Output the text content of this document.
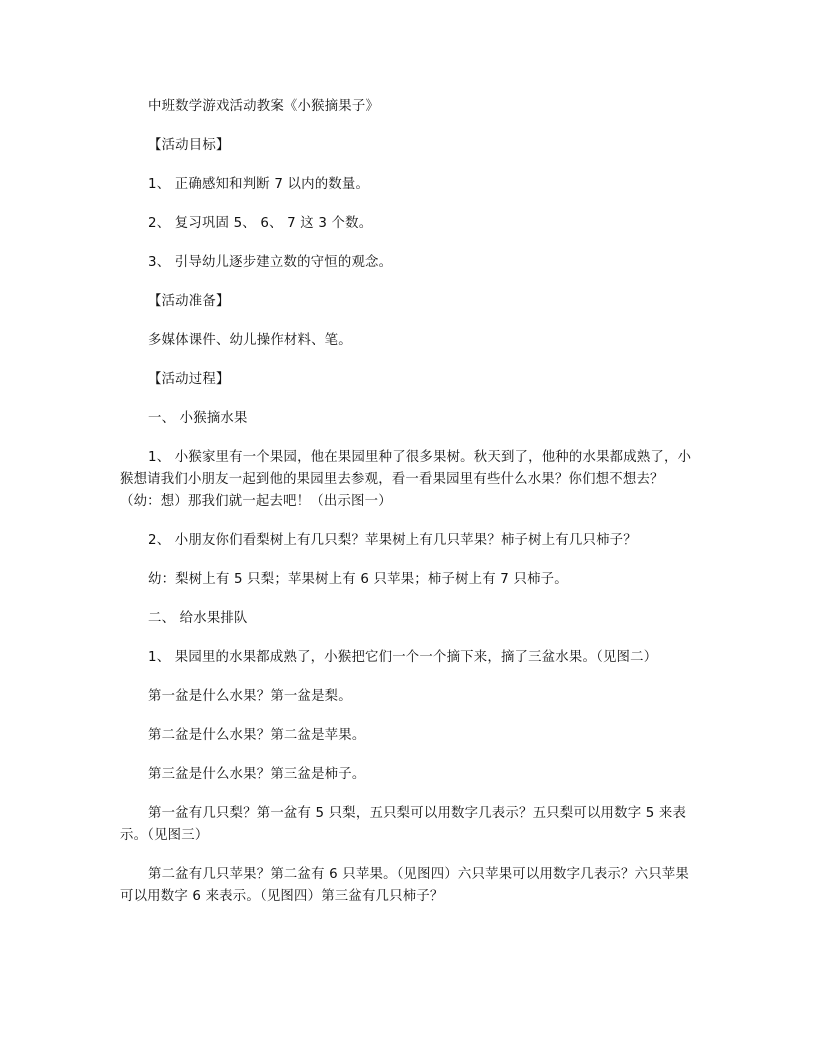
中班数学游戏活动教案《小猴摘果子》

【活动目标】

1、 正确感知和判断 7 以内的数量。

2、 复习巩固 5、 6、 7 这 3 个数。

3、 引导幼儿逐步建立数的守恒的观念。

【活动准备】

多媒体课件、幼儿操作材料、笔。

【活动过程】

一、 小猴摘水果

1、 小猴家里有一个果园，他在果园里种了很多果树。秋天到了，他种的水果都成熟了，小猴想请我们小朋友一起到他的果园里去参观，看一看果园里有些什么水果？你们想不想去？（幼：想）那我们就一起去吧！（出示图一）

2、 小朋友你们看梨树上有几只梨？苹果树上有几只苹果？柿子树上有几只柿子？

幼：梨树上有 5 只梨；苹果树上有 6 只苹果；柿子树上有 7 只柿子。

二、 给水果排队

1、 果园里的水果都成熟了，小猴把它们一个一个摘下来，摘了三盆水果。（见图二）

第一盆是什么水果？第一盆是梨。

第二盆是什么水果？第二盆是苹果。

第三盆是什么水果？第三盆是柿子。

第一盆有几只梨？第一盆有 5 只梨，五只梨可以用数字几表示？五只梨可以用数字 5 来表示。（见图三）

第二盆有几只苹果？第二盆有 6 只苹果。（见图四）六只苹果可以用数字几表示？六只苹果可以用数字 6 来表示。（见图四）第三盆有几只柿子？
